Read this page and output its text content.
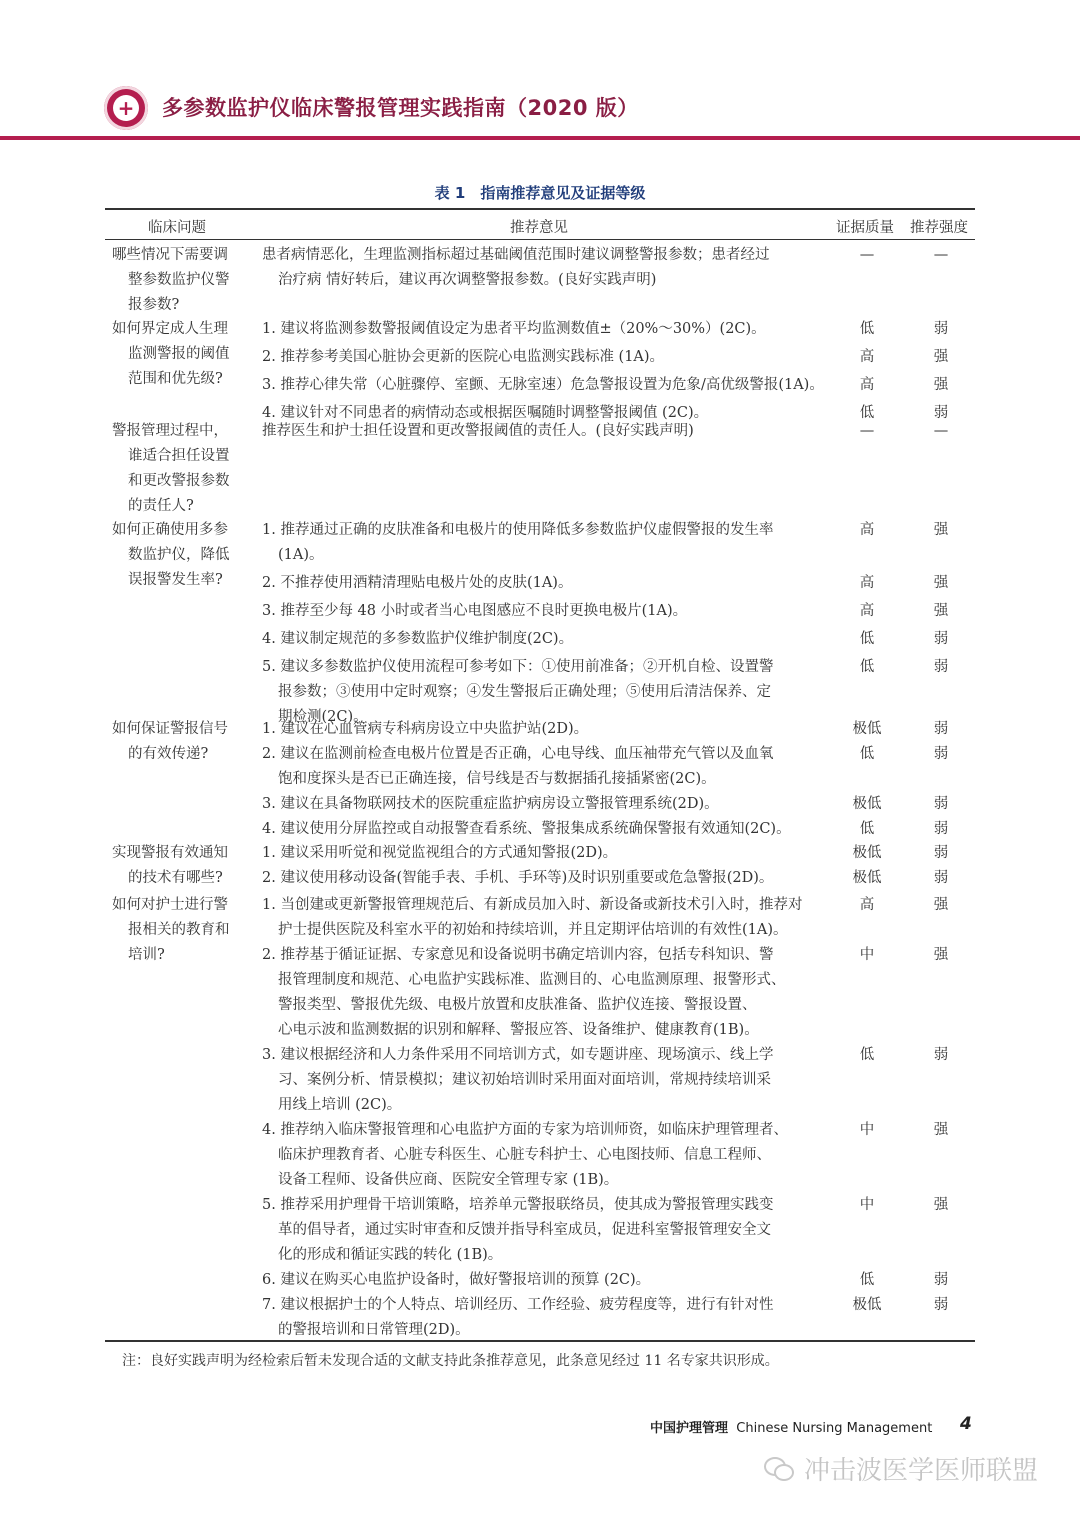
+ 多参数监护仪临床警报管理实践指南（2020 版）
表 1　指南推荐意见及证据等级
临床问题	推荐意见	证据质量 推荐强度
哪些情况下需要调
整参数监护仪警
报参数?
患者病情恶化，生理监测指标超过基础阈值范围时建议调整警报参数；患者经过
治疗病 情好转后，建议再次调整警报参数。(良好实践声明)
—	—
如何界定成人生理
监测警报的阈值
范围和优先级?
1. 建议将监测参数警报阈值设定为患者平均监测数值±（20%～30%）(2C)。	低	弱
2. 推荐参考美国心脏协会更新的医院心电监测实践标准 (1A)。	高	强
3. 推荐心律失常（心脏骤停、室颤、无脉室速）危急警报设置为危象/高优级警报(1A)。	高	强
4. 建议针对不同患者的病情动态或根据医嘱随时调整警报阈值 (2C)。	低	弱
警报管理过程中，
谁适合担任设置
和更改警报参数
的责任人?
推荐医生和护士担任设置和更改警报阈值的责任人。(良好实践声明)	—	—
如何正确使用多参
数监护仪，降低
误报警发生率?
1. 推荐通过正确的皮肤准备和电极片的使用降低多参数监护仪虚假警报的发生率
(1A)。
高	强
2. 不推荐使用酒精清理贴电极片处的皮肤(1A)。	高	强
3. 推荐至少每 48 小时或者当心电图感应不良时更换电极片(1A)。	高	强
4. 建议制定规范的多参数监护仪维护制度(2C)。	低	弱
5. 建议多参数监护仪使用流程可参考如下：①使用前准备；②开机自检、设置警
报参数；③使用中定时观察；④发生警报后正确处理；⑤使用后清洁保养、定
期检测(2C)。
低	弱
如何保证警报信号
的有效传递?
1. 建议在心血管病专科病房设立中央监护站(2D)。	极低	弱
2. 建议在监测前检查电极片位置是否正确，心电导线、血压袖带充气管以及血氧
饱和度探头是否已正确连接，信号线是否与数据插孔接插紧密(2C)。
低	弱
3. 建议在具备物联网技术的医院重症监护病房设立警报管理系统(2D)。	极低	弱
4. 建议使用分屏监控或自动报警查看系统、警报集成系统确保警报有效通知(2C)。	低	弱
实现警报有效通知
的技术有哪些?
1. 建议采用听觉和视觉监视组合的方式通知警报(2D)。	极低	弱
2. 建议使用移动设备(智能手表、手机、手环等)及时识别重要或危急警报(2D)。	极低	弱
如何对护士进行警
报相关的教育和
培训?
1. 当创建或更新警报管理规范后、有新成员加入时、新设备或新技术引入时，推荐对
护士提供医院及科室水平的初始和持续培训，并且定期评估培训的有效性(1A)。
高	强
2. 推荐基于循证证据、专家意见和设备说明书确定培训内容，包括专科知识、警
报管理制度和规范、心电监护实践标准、监测目的、心电监测原理、报警形式、
警报类型、警报优先级、电极片放置和皮肤准备、监护仪连接、警报设置、
心电示波和监测数据的识别和解释、警报应答、设备维护、健康教育(1B)。
中	强
3. 建议根据经济和人力条件采用不同培训方式，如专题讲座、现场演示、线上学
习、案例分析、情景模拟；建议初始培训时采用面对面培训，常规持续培训采
用线上培训 (2C)。
低	弱
4. 推荐纳入临床警报管理和心电监护方面的专家为培训师资，如临床护理管理者、
临床护理教育者、心脏专科医生、心脏专科护士、心电图技师、信息工程师、
设备工程师、设备供应商、医院安全管理专家 (1B)。
中	强
5. 推荐采用护理骨干培训策略，培养单元警报联络员，使其成为警报管理实践变
革的倡导者，通过实时审查和反馈并指导科室成员，促进科室警报管理安全文
化的形成和循证实践的转化 (1B)。
中	强
6. 建议在购买心电监护设备时，做好警报培训的预算 (2C)。	低	弱
7. 建议根据护士的个人特点、培训经历、工作经验、疲劳程度等，进行有针对性
的警报培训和日常管理(2D)。
极低	弱
注：良好实践声明为经检索后暂未发现合适的文献支持此条推荐意见，此条意见经过 11 名专家共识形成。
中国护理管理 Chinese Nursing Management 4
冲击波医学医师联盟
